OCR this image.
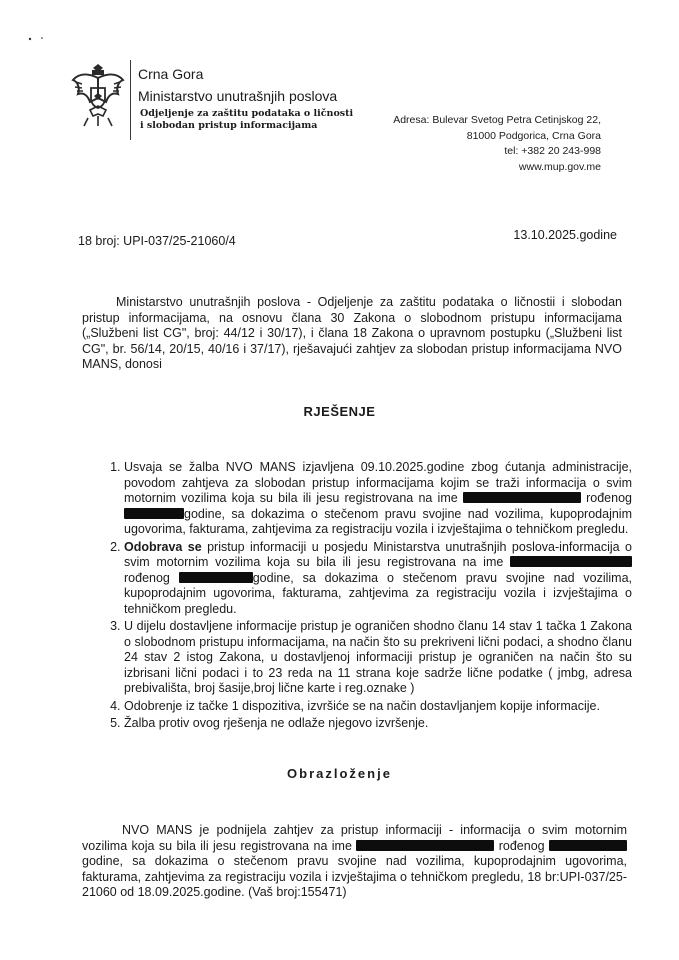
Crna Gora
Ministarstvo unutrašnjih poslova
Odjeljenje za zaštitu podataka o ličnosti
i slobodan pristup informacijama	Adresa: Bulevar Svetog Petra Cetinjskog 22,
81000 Podgorica, Crna Gora
tel: +382 20 243-998
www.mup.gov.me
18 broj: UPI-037/25-21060/4	13.10.2025.godine
Ministarstvo unutrašnjih poslova - Odjeljenje za zaštitu podataka o ličnostii i slobodan pristup informacijama, na osnovu člana 30 Zakona o slobodnom pristupu informacijama („Službeni list CG", broj: 44/12 i 30/17), i člana 18 Zakona o upravnom postupku („Službeni list CG", br. 56/14, 20/15, 40/16 i 37/17), rješavajući zahtjev za slobodan pristup informacijama NVO MANS, donosi
RJEŠENJE
1. Usvaja se žalba NVO MANS izjavljena 09.10.2025.godine zbog ćutanja administracije, povodom zahtjeva za slobodan pristup informacijama kojim se traži informacija o svim motornim vozilima koja su bila ili jesu registrovana na ime	rođenog godine, sa dokazima o stečenom pravu svojine nad vozilima, kupoprodajnim ugovorima, fakturama, zahtjevima za registraciju vozila i izvještajima o tehničkom pregledu.
2. Odobrava se pristup informaciji u posjedu Ministarstva unutrašnjih poslova-informacija o svim motornim vozilima koja su bila ili jesu registrovana na ime  rođenog	godine, sa dokazima o stečenom pravu svojine nad vozilima, kupoprodajnim ugovorima, fakturama, zahtjevima za registraciju vozila i izvještajima o tehničkom pregledu.
3. U dijelu dostavljene informacije pristup je ograničen shodno članu 14 stav 1 tačka 1 Zakona o slobodnom pristupu informacijama, na način što su prekriveni lični podaci, a shodno članu 24 stav 2 istog Zakona, u dostavljenoj informaciji pristup je ograničen na način što su izbrisani lični podaci i to 23 reda na 11 strana koje sadrže lične podatke ( jmbg, adresa prebivališta, broj šasije,broj lične karte i reg.oznake )
4. Odobrenje iz tačke 1 dispozitiva, izvršiće se na način dostavljanjem kopije informacije.
5. Žalba protiv ovog rješenja ne odlaže njegovo izvršenje.
Obrazloženje
NVO MANS je podnijela zahtjev za pristup informaciji - informacija o svim motornim vozilima koja su bila ili jesu registrovana na ime	rođenog godine, sa dokazima o stečenom pravu svojine nad vozilima, kupoprodajnim ugovorima, fakturama, zahtjevima za registraciju vozila i izvještajima o tehničkom pregledu, 18 br:UPI-037/25-21060 od 18.09.2025.godine. (Vaš broj:155471)
